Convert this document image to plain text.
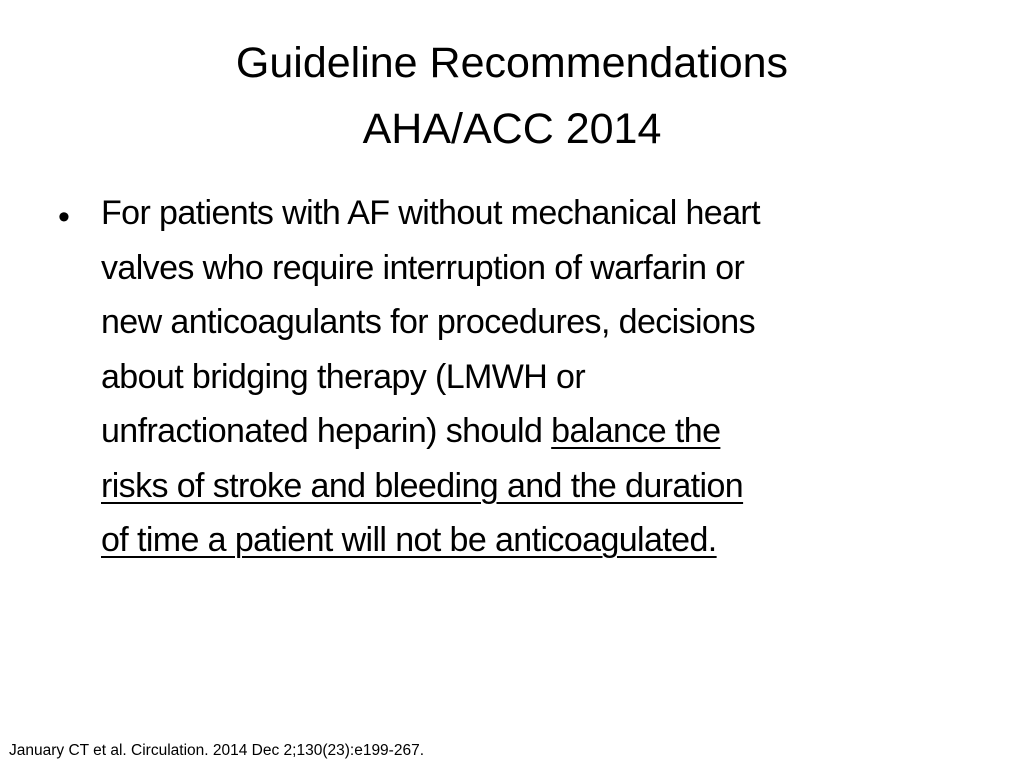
Guideline Recommendations
AHA/ACC 2014
• For patients with AF without mechanical heart
valves who require interruption of warfarin or
new anticoagulants for procedures, decisions
about bridging therapy (LMWH or
unfractionated heparin) should balance the
risks of stroke and bleeding and the duration
of time a patient will not be anticoagulated.
January CT et al. Circulation. 2014 Dec 2;130(23):e199-267.
